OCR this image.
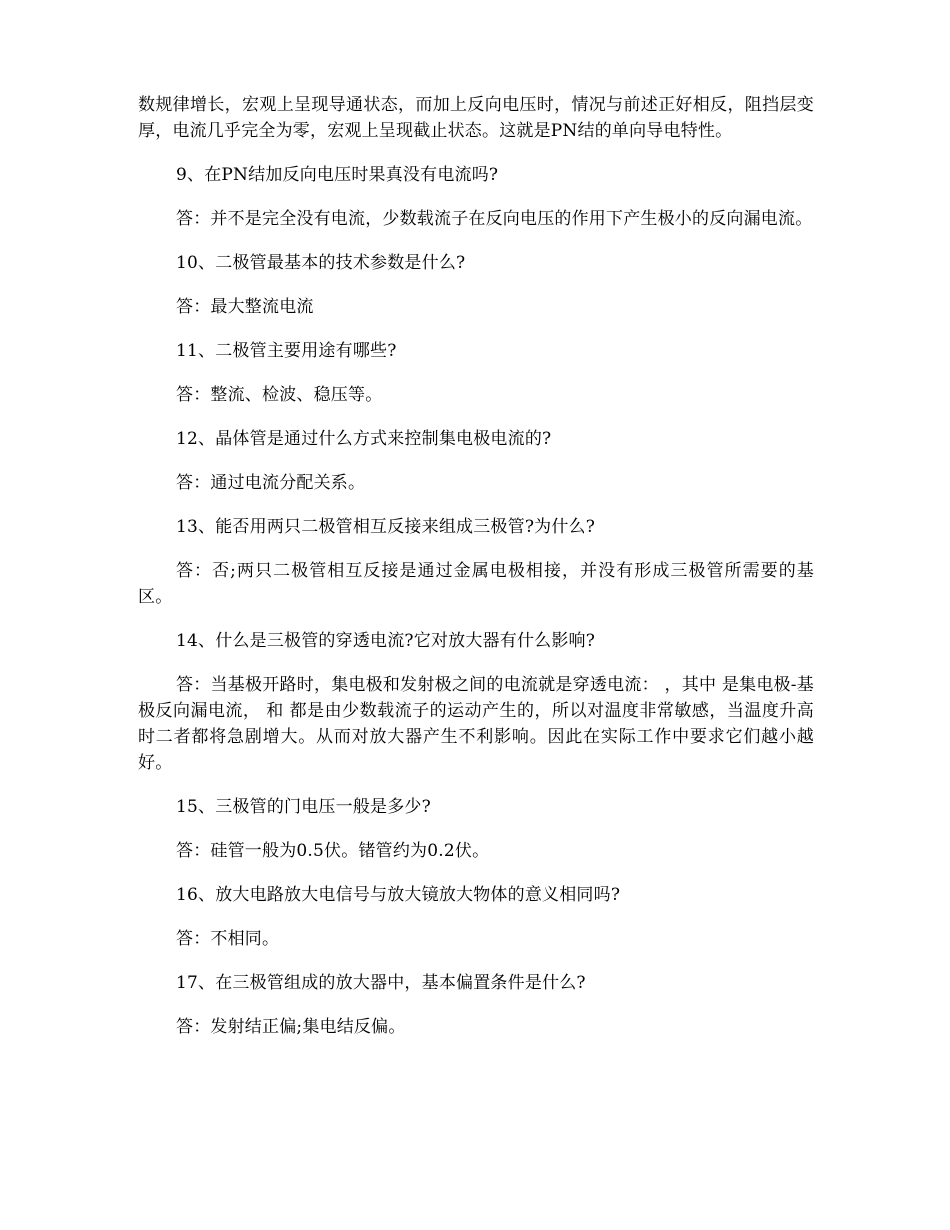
数规律增长，宏观上呈现导通状态，而加上反向电压时，情况与前述正好相反，阻挡层变厚，电流几乎完全为零，宏观上呈现截止状态。这就是PN结的单向导电特性。

9、在PN结加反向电压时果真没有电流吗?

答：并不是完全没有电流，少数载流子在反向电压的作用下产生极小的反向漏电流。

10、二极管最基本的技术参数是什么?

答：最大整流电流

11、二极管主要用途有哪些?

答：整流、检波、稳压等。

12、晶体管是通过什么方式来控制集电极电流的?

答：通过电流分配关系。

13、能否用两只二极管相互反接来组成三极管?为什么?

答：否;两只二极管相互反接是通过金属电极相接，并没有形成三极管所需要的基区。

14、什么是三极管的穿透电流?它对放大器有什么影响?

答：当基极开路时，集电极和发射极之间的电流就是穿透电流： ，其中 是集电极-基极反向漏电流， 和 都是由少数载流子的运动产生的，所以对温度非常敏感，当温度升高时二者都将急剧增大。从而对放大器产生不利影响。因此在实际工作中要求它们越小越好。

15、三极管的门电压一般是多少?

答：硅管一般为0.5伏。锗管约为0.2伏。

16、放大电路放大电信号与放大镜放大物体的意义相同吗?

答：不相同。

17、在三极管组成的放大器中，基本偏置条件是什么?

答：发射结正偏;集电结反偏。
